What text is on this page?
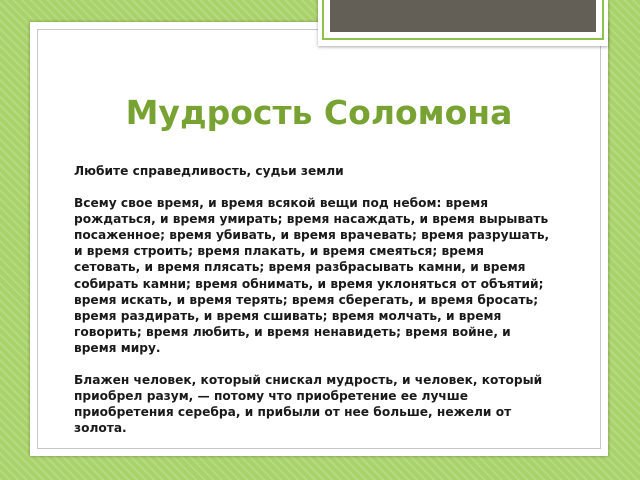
Мудрость Соломона

Любите справедливость, судьи земли

Всему свое время, и время всякой вещи под небом: время рождаться, и время умирать; время насаждать, и время вырывать посаженное; время убивать, и время врачевать; время разрушать, и время строить; время плакать, и время смеяться; время сетовать, и время плясать; время разбрасывать камни, и время собирать камни; время обнимать, и время уклоняться от объятий; время искать, и время терять; время сберегать, и время бросать; время раздирать, и время сшивать; время молчать, и время говорить; время любить, и время ненавидеть; время войне, и время миру.

Блажен человек, который снискал мудрость, и человек, который приобрел разум, — потому что приобретение ее лучше приобретения серебра, и прибыли от нее больше, нежели от золота.
